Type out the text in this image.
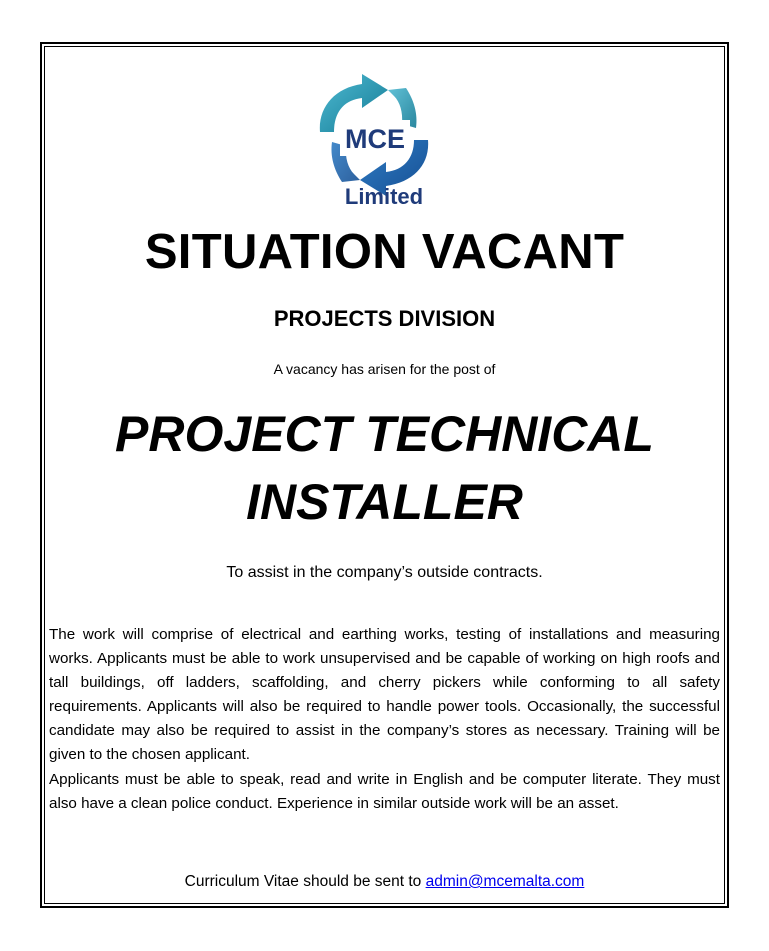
MCE
Limited
SITUATION VACANT
PROJECTS DIVISION
A vacancy has arisen for the post of
PROJECT TECHNICAL
INSTALLER
To assist in the company’s outside contracts.

The work will comprise of electrical and earthing works, testing of installations and measuring works. Applicants must be able to work unsupervised and be capable of working on high roofs and tall buildings, off ladders, scaffolding, and cherry pickers while conforming to all safety requirements. Applicants will also be required to handle power tools. Occasionally, the successful candidate may also be required to assist in the company’s stores as necessary. Training will be given to the chosen applicant.

Applicants must be able to speak, read and write in English and be computer literate. They must also have a clean police conduct. Experience in similar outside work will be an asset.

Curriculum Vitae should be sent to admin@mcemalta.com
